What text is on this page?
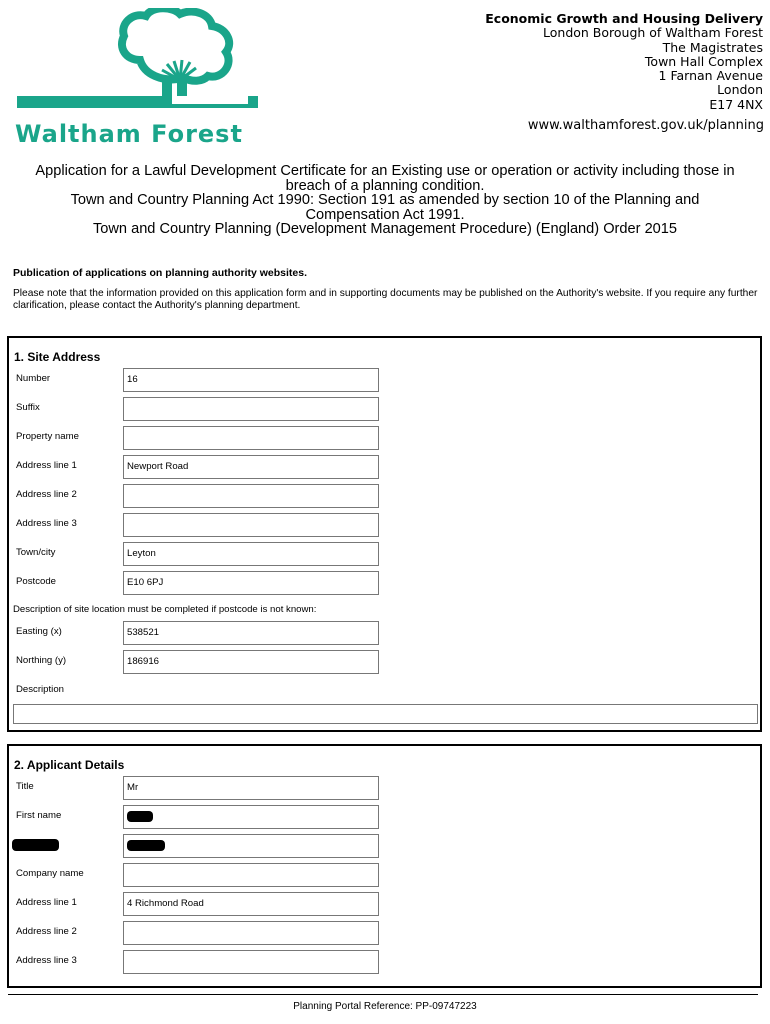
Waltham Forest
Economic Growth and Housing Delivery
London Borough of Waltham Forest
The Magistrates
Town Hall Complex
1 Farnan Avenue
London
E17 4NX
www.walthamforest.gov.uk/planning
Application for a Lawful Development Certificate for an Existing use or operation or activity including those in
breach of a planning condition.
Town and Country Planning Act 1990: Section 191 as amended by section 10 of the Planning and
Compensation Act 1991.
Town and Country Planning (Development Management Procedure) (England) Order 2015
Publication of applications on planning authority websites.
Please note that the information provided on this application form and in supporting documents may be published on the Authority's website. If you require any further clarification, please contact the Authority's planning department.
1. Site Address
Number	16
Suffix
Property name
Address line 1	Newport Road
Address line 2
Address line 3
Town/city	Leyton
Postcode	E10 6PJ
Description of site location must be completed if postcode is not known:
Easting (x)	538521
Northing (y)	186916
Description
2. Applicant Details
Title	Mr
First name
Company name
Address line 1	4 Richmond Road
Address line 2
Address line 3
Planning Portal Reference: PP-09747223
